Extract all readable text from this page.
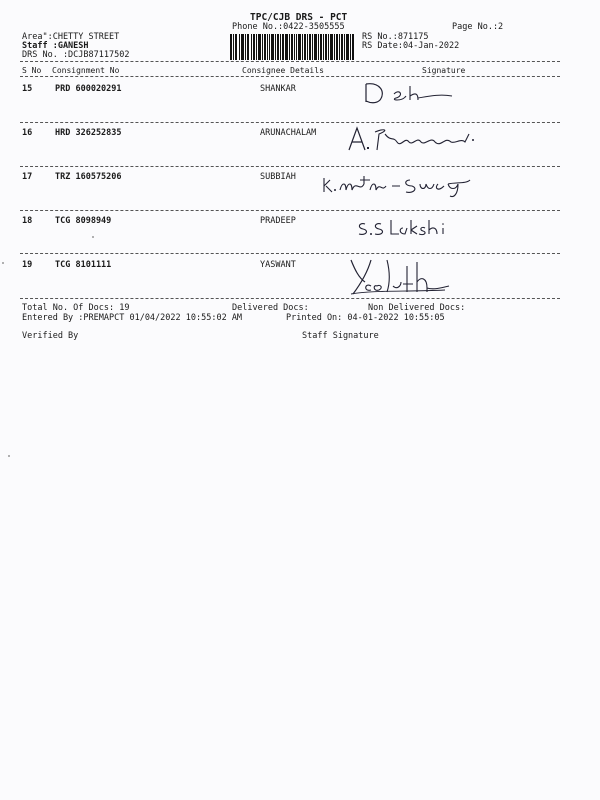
TPC/CJB DRS - PCT
Phone No.:0422-3505555	Page No.:2
Area":CHETTY STREET
Staff :GANESH
DRS No. :DCJB87117502
RS No.:871175
RS Date:04-Jan-2022
S No Consignment No	Consignee Details	Signature
15	PRD 600020291	SHANKAR
16	HRD 326252835	ARUNACHALAM
17	TRZ 160575206	SUBBIAH
18	TCG 8098949	PRADEEP
19	TCG 8101111	YASWANT
Total No. Of Docs: 19	Delivered Docs:	Non Delivered Docs:
Entered By :PREMAPCT 01/04/2022 10:55:02 AM	Printed On: 04-01-2022 10:55:05
Verified By	Staff Signature
